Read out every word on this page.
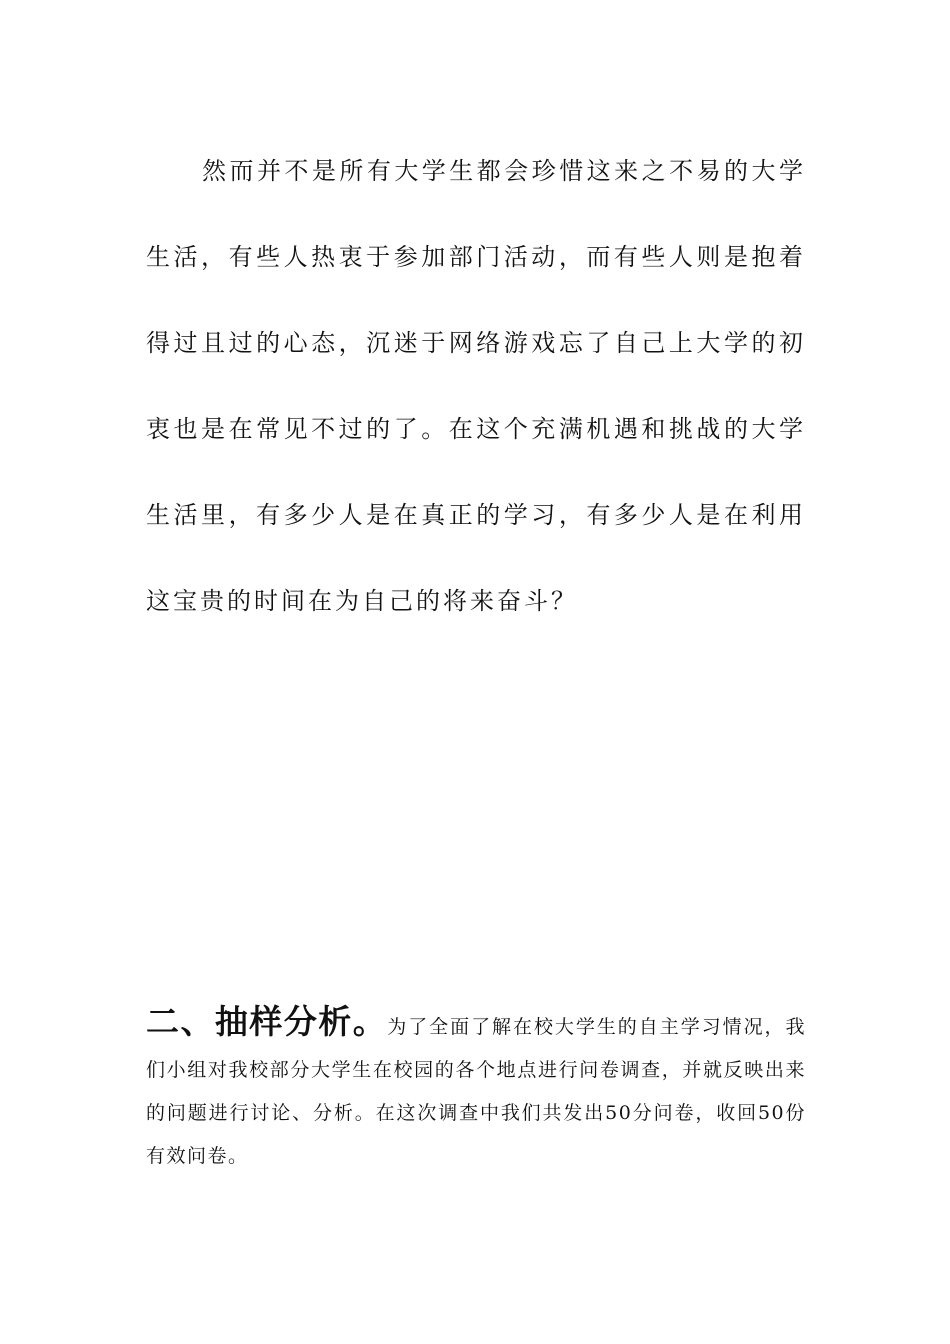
然而并不是所有大学生都会珍惜这来之不易的大学生活，有些人热衷于参加部门活动，而有些人则是抱着得过且过的心态，沉迷于网络游戏忘了自己上大学的初衷也是在常见不过的了。在这个充满机遇和挑战的大学生活里，有多少人是在真正的学习，有多少人是在利用这宝贵的时间在为自己的将来奋斗？

二、抽样分析。为了全面了解在校大学生的自主学习情况，我们小组对我校部分大学生在校园的各个地点进行问卷调查，并就反映出来的问题进行讨论、分析。在这次调查中我们共发出50分问卷，收回50份有效问卷。
